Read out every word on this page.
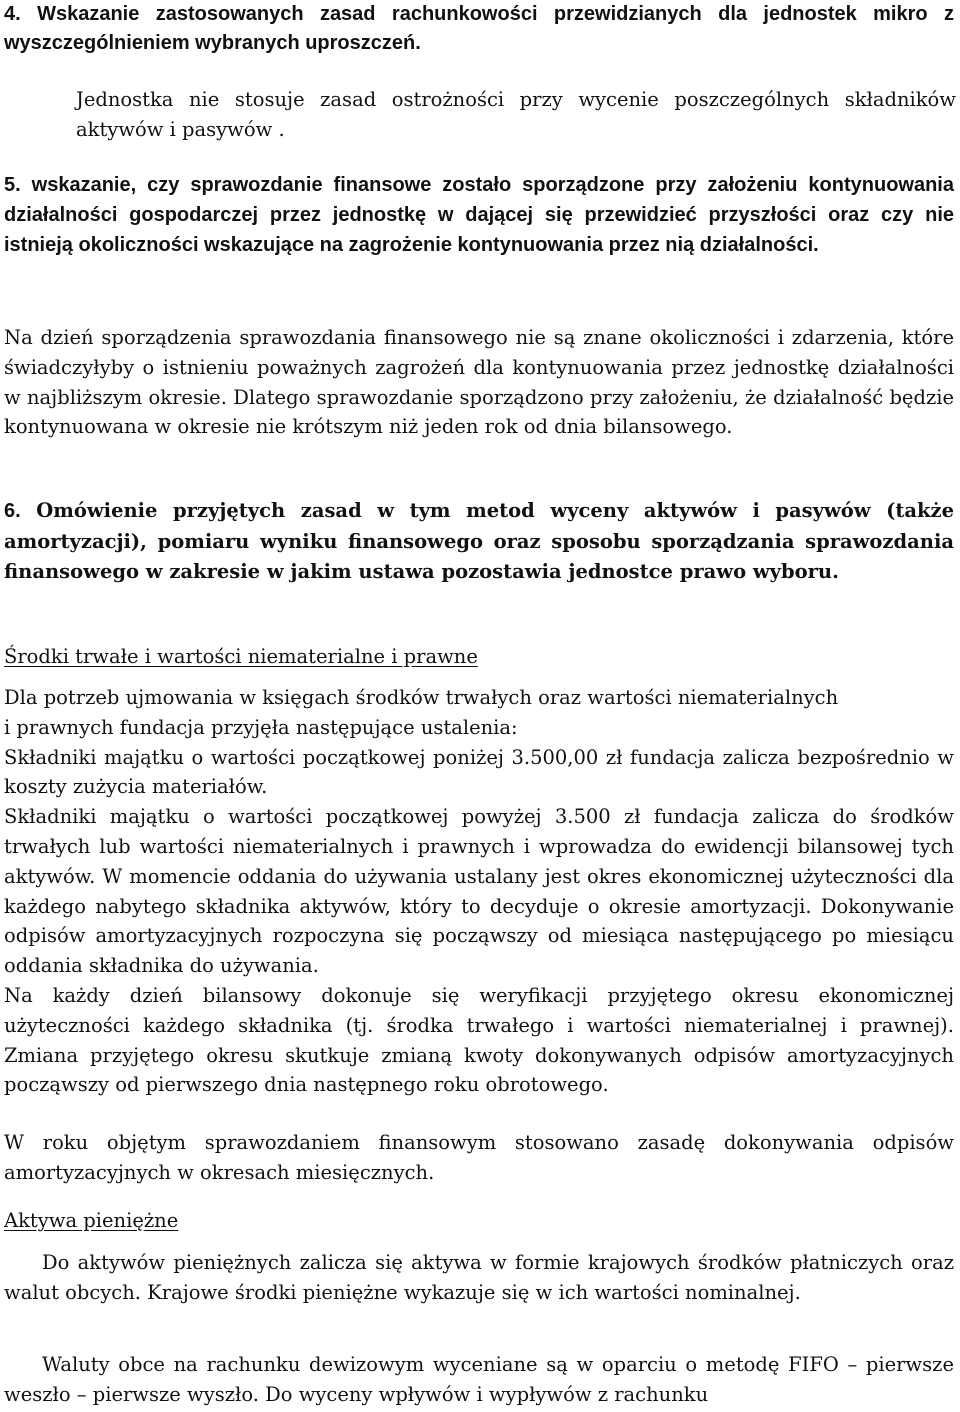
4. Wskazanie zastosowanych zasad rachunkowości przewidzianych dla jednostek mikro z wyszczególnieniem wybranych uproszczeń.

Jednostka nie stosuje zasad ostrożności przy wycenie poszczególnych składników aktywów i pasywów .

5. wskazanie, czy sprawozdanie finansowe zostało sporządzone przy założeniu kontynuowania działalności gospodarczej przez jednostkę w dającej się przewidzieć przyszłości oraz czy nie istnieją okoliczności wskazujące na zagrożenie kontynuowania przez nią działalności.

Na dzień sporządzenia sprawozdania finansowego nie są znane okoliczności i zdarzenia, które świadczyłyby o istnieniu poważnych zagrożeń dla kontynuowania przez jednostkę działalności w najbliższym okresie. Dlatego sprawozdanie sporządzono przy założeniu, że działalność będzie kontynuowana w okresie nie krótszym niż jeden rok od dnia bilansowego.

6. Omówienie przyjętych zasad w tym metod wyceny aktywów i pasywów (także amortyzacji), pomiaru wyniku finansowego oraz sposobu sporządzania sprawozdania finansowego w zakresie w jakim ustawa pozostawia jednostce prawo wyboru.

Środki trwałe i wartości niematerialne i prawne

Dla potrzeb ujmowania w księgach środków trwałych oraz wartości niematerialnych
i prawnych fundacja przyjęła następujące ustalenia:
Składniki majątku o wartości początkowej poniżej 3.500,00 zł fundacja zalicza bezpośrednio w koszty zużycia materiałów.
Składniki majątku o wartości początkowej powyżej 3.500 zł fundacja zalicza do środków trwałych lub wartości niematerialnych i prawnych i wprowadza do ewidencji bilansowej tych aktywów. W momencie oddania do używania ustalany jest okres ekonomicznej użyteczności dla każdego nabytego składnika aktywów, który to decyduje o okresie amortyzacji. Dokonywanie odpisów amortyzacyjnych rozpoczyna się począwszy od miesiąca następującego po miesiącu oddania składnika do używania.
Na każdy dzień bilansowy dokonuje się weryfikacji przyjętego okresu ekonomicznej użyteczności każdego składnika (tj. środka trwałego i wartości niematerialnej i prawnej). Zmiana przyjętego okresu skutkuje zmianą kwoty dokonywanych odpisów amortyzacyjnych począwszy od pierwszego dnia następnego roku obrotowego.

W roku objętym sprawozdaniem finansowym stosowano zasadę dokonywania odpisów amortyzacyjnych w okresach miesięcznych.

Aktywa pieniężne

Do aktywów pieniężnych zalicza się aktywa w formie krajowych środków płatniczych oraz walut obcych. Krajowe środki pieniężne wykazuje się w ich wartości nominalnej.

Waluty obce na rachunku dewizowym wyceniane są w oparciu o metodę FIFO – pierwsze weszło – pierwsze wyszło. Do wyceny wpływów i wypływów z rachunku
